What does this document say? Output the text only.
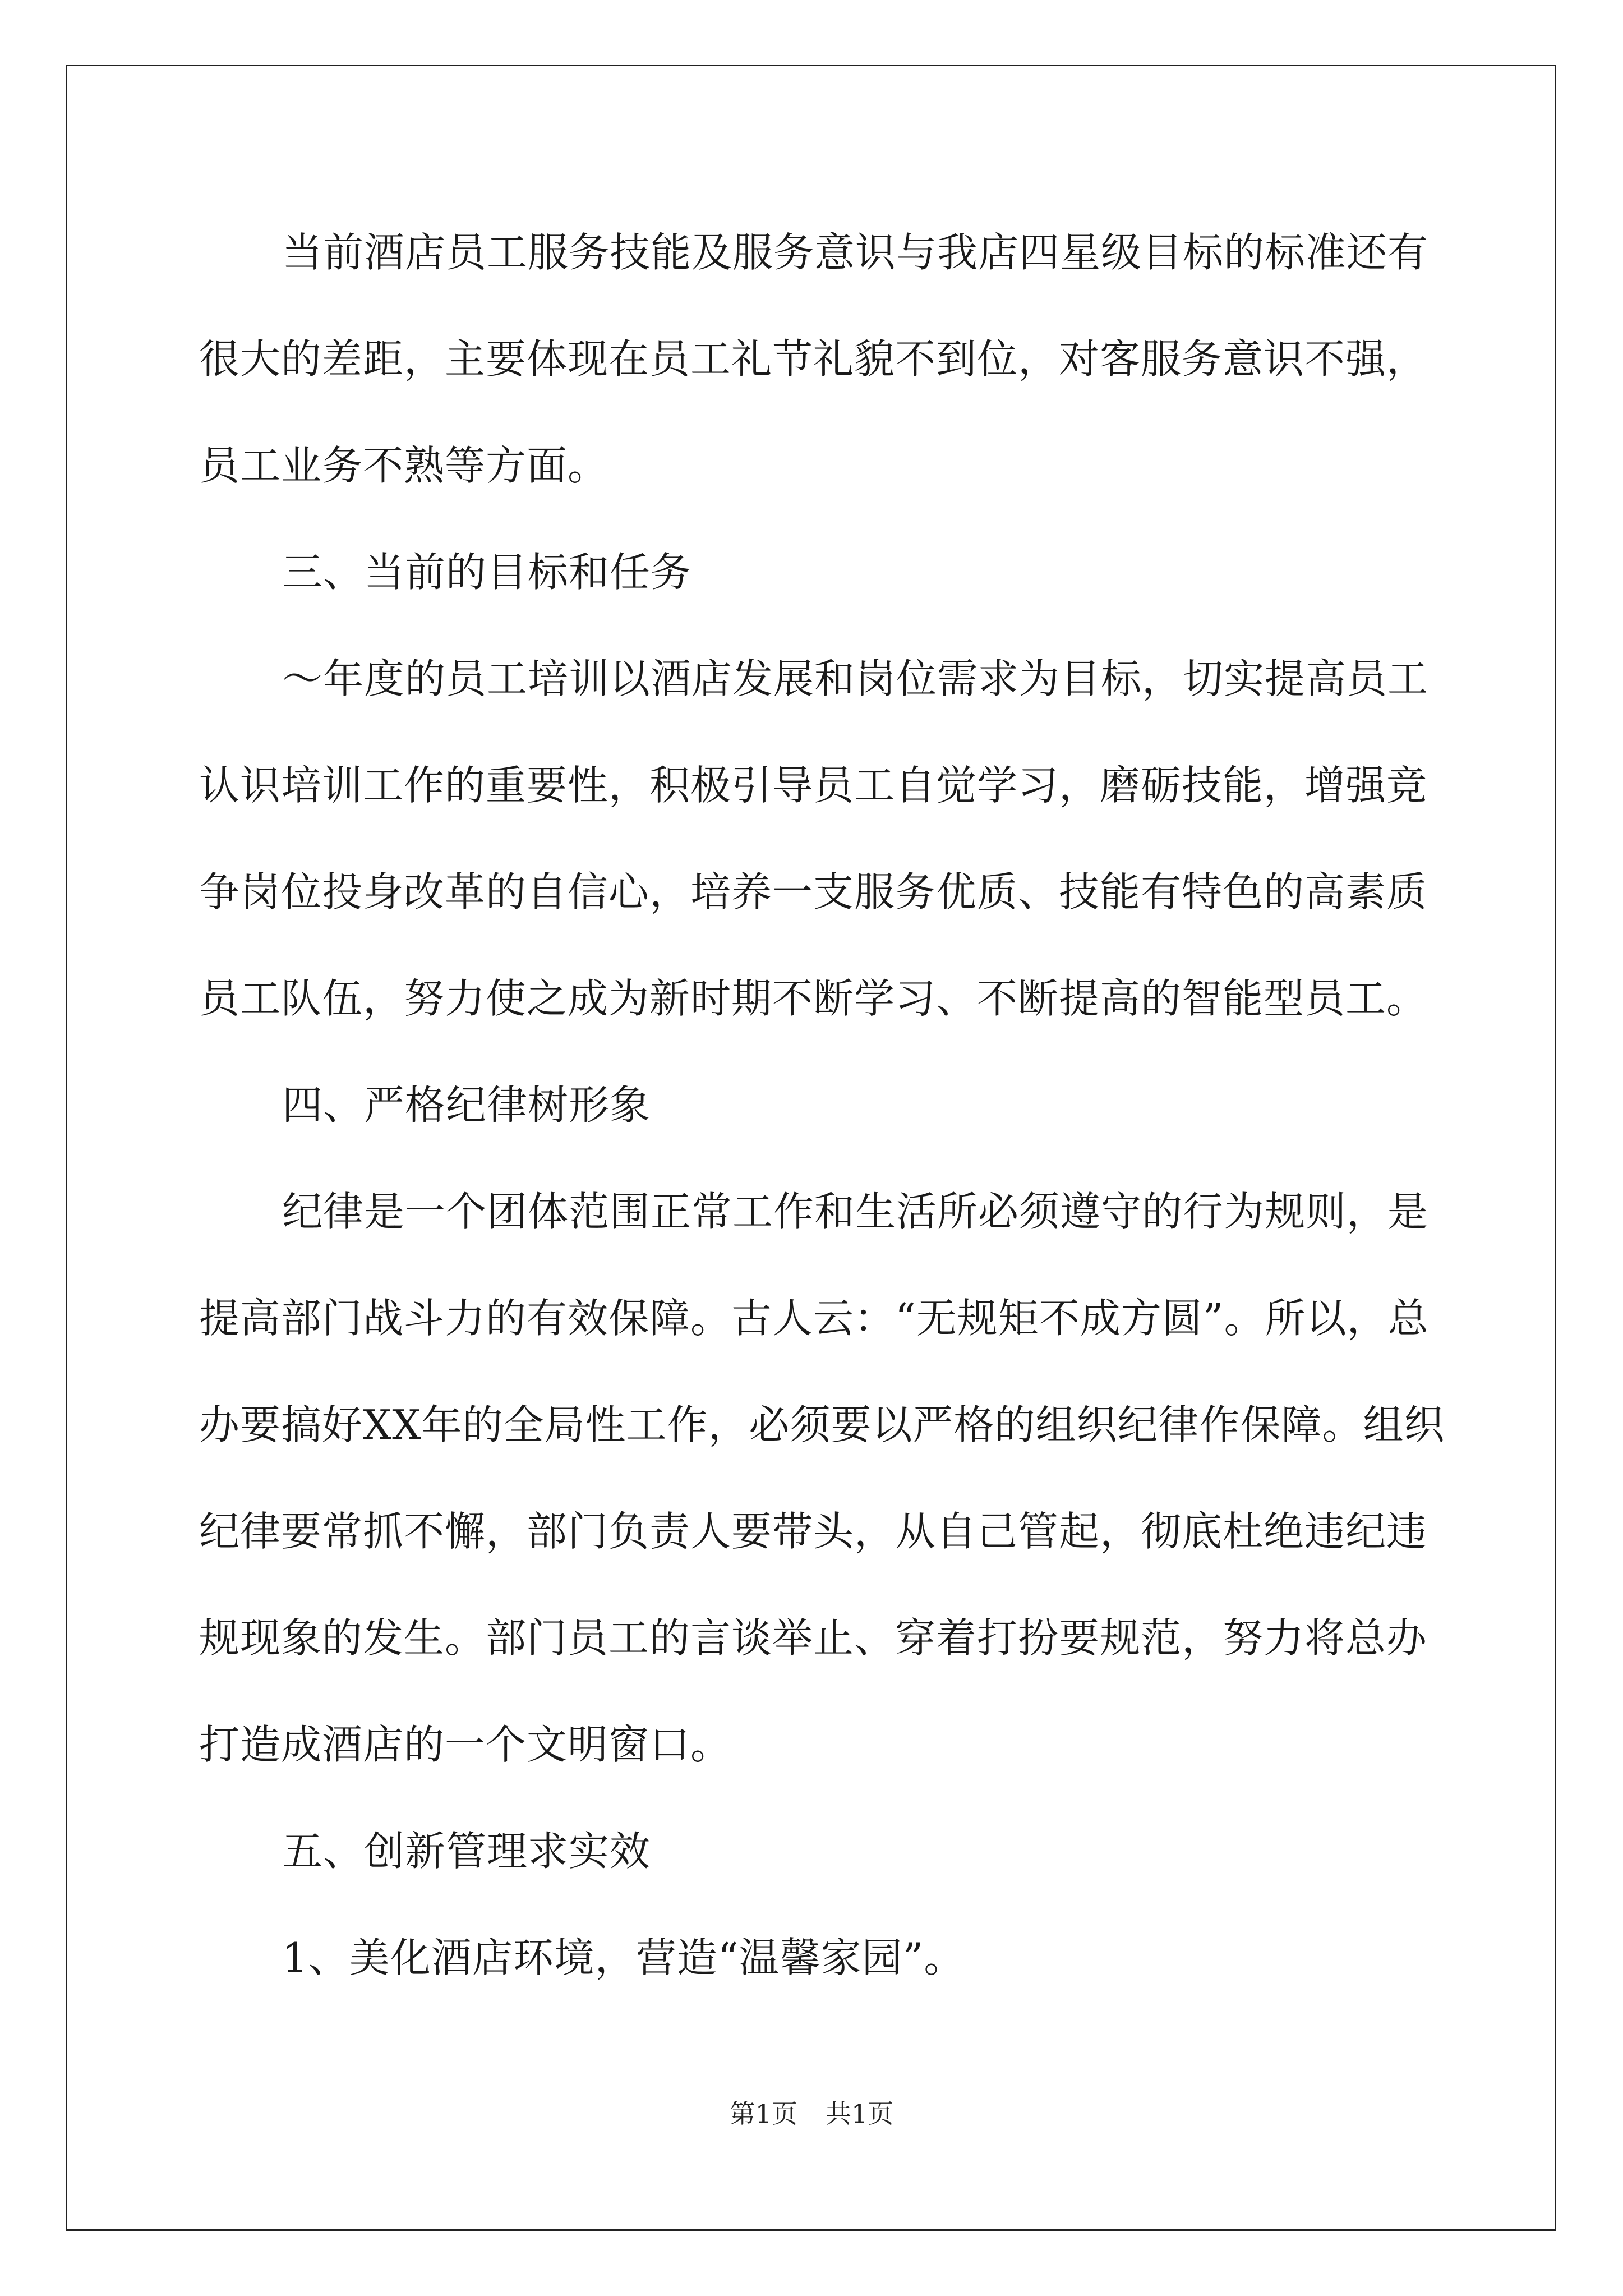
当前酒店员工服务技能及服务意识与我店四星级目标的标准还有
很大的差距，主要体现在员工礼节礼貌不到位，对客服务意识不强，
员工业务不熟等方面。
三、当前的目标和任务
～年度的员工培训以酒店发展和岗位需求为目标，切实提高员工
认识培训工作的重要性，积极引导员工自觉学习，磨砺技能，增强竞
争岗位投身改革的自信心，培养一支服务优质、技能有特色的高素质
员工队伍，努力使之成为新时期不断学习、不断提高的智能型员工。
四、严格纪律树形象
纪律是一个团体范围正常工作和生活所必须遵守的行为规则，是
提高部门战斗力的有效保障。古人云：“无规矩不成方圆”。所以，总
办要搞好XX年的全局性工作，必须要以严格的组织纪律作保障。组织
纪律要常抓不懈，部门负责人要带头，从自己管起，彻底杜绝违纪违
规现象的发生。部门员工的言谈举止、穿着打扮要规范，努力将总办
打造成酒店的一个文明窗口。
五、创新管理求实效
1、美化酒店环境，营造“温馨家园”。
第1页 共1页
